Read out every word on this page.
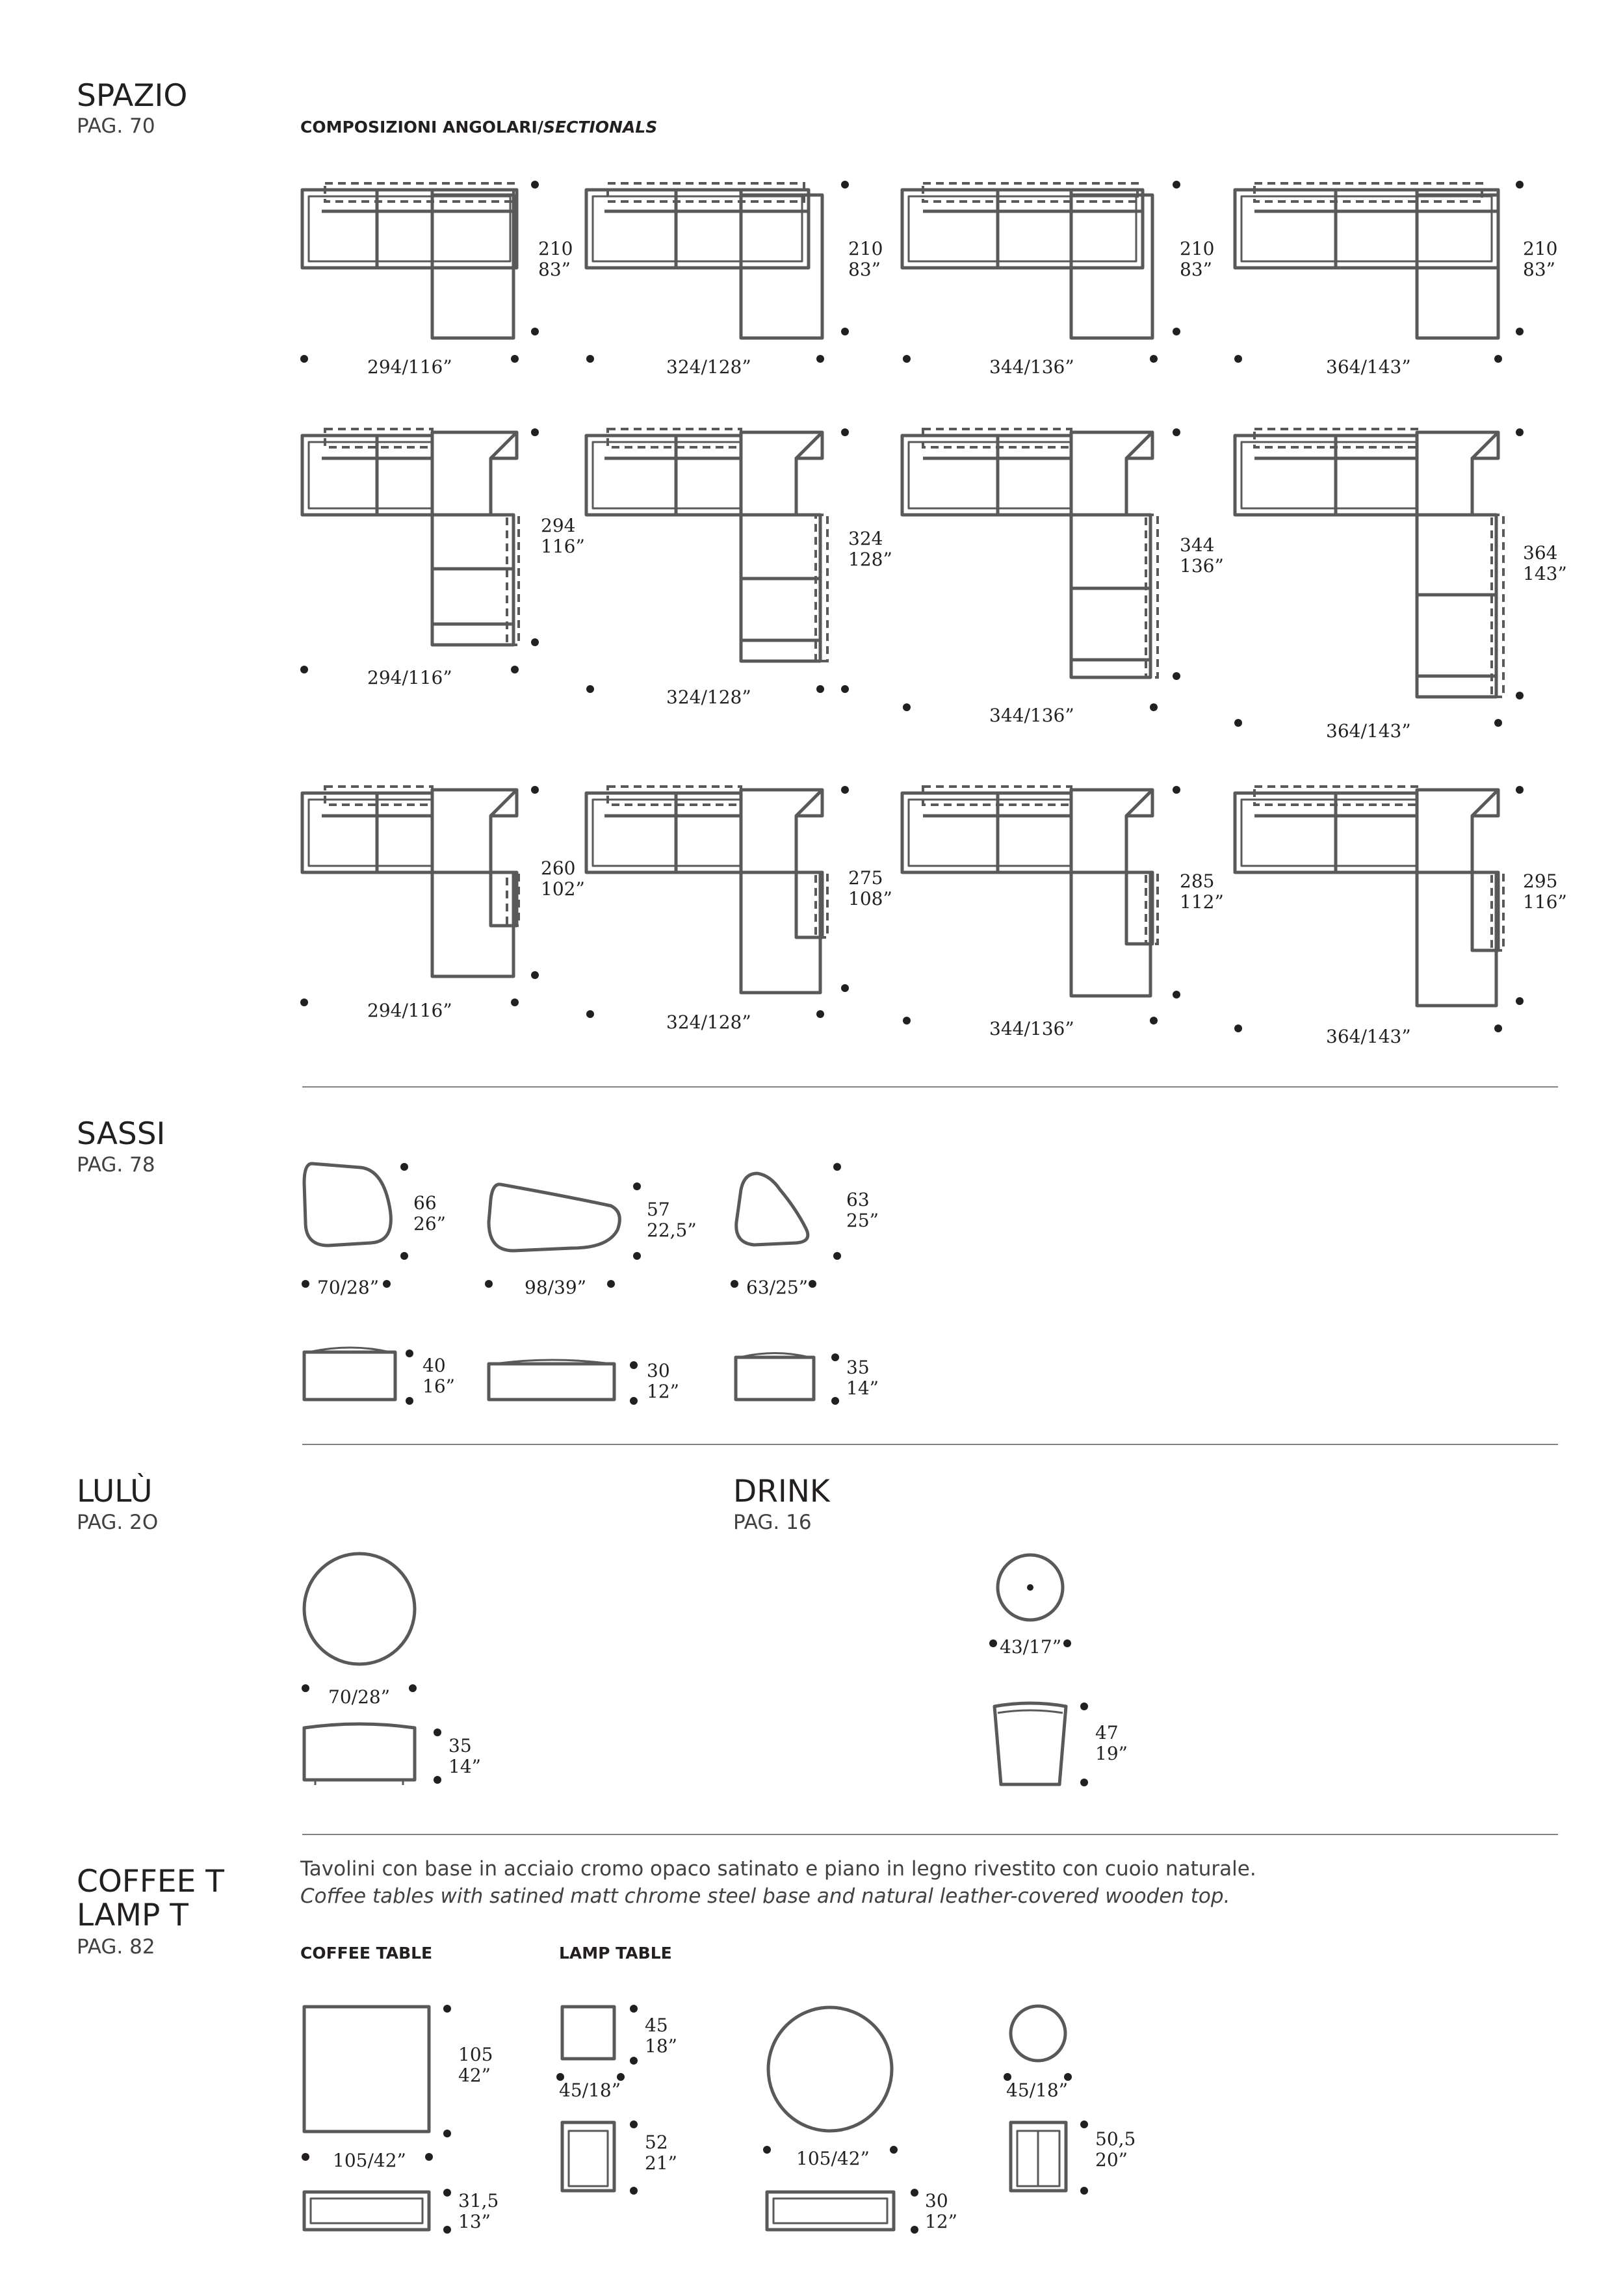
SPAZIO
PAG. 70	COMPOSIZIONI ANGOLARI/SECTIONALS
210
83”
294/116”
210
83”
324/128”
210
83”
344/136”
210
83”
364/143”
294
116”
294/116”
324
128”
324/128”
344
136”
344/136”
364
143”
364/143”
260
102”
294/116”
275
108”
324/128”
285
112”
344/136”
295
116”
364/143”
SASSI
PAG. 78
66
26”
70/28”
57
22,5”
98/39”
63
25”
63/25”
40
16”
30
12”
35
14”
LULÙ
PAG. 2O
70/28”
35
14”
DRINK
PAG. 16
43/17”
47
19”
COFFEE T
LAMP T
PAG. 82
Tavolini con base in acciaio cromo opaco satinato e piano in legno rivestito con cuoio naturale.
Coffee tables with satined matt chrome steel base and natural leather-covered wooden top.
COFFEE TABLE	LAMP TABLE
105
42”
105/42”
31,5
13”
45
18”
45/18”
52
21”	105/42”
30
12”
45/18”
50,5
20”
